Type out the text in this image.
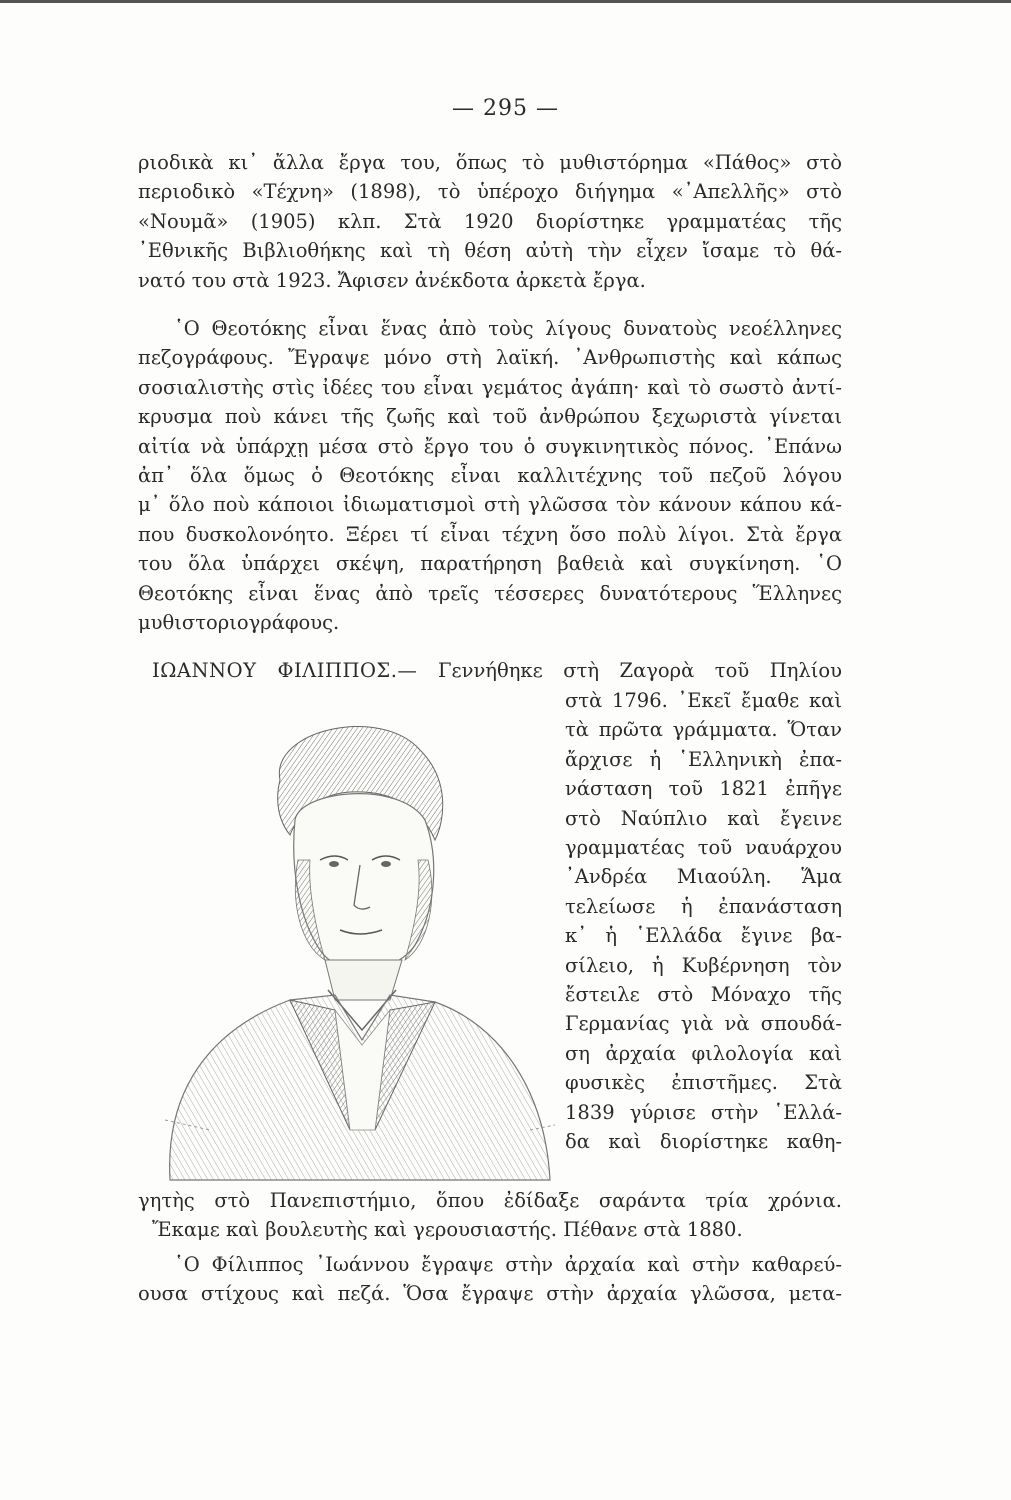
— 295 —
ριοδικὰ κι᾿ ἄλλα ἔργα του, ὅπως τὸ μυθιστόρημα «Πάθος» στὸ
περιοδικὸ «Τέχνη» (1898), τὸ ὑπέροχο διήγημα «᾿Απελλῆς» στὸ
«Νουμᾶ» (1905) κλπ. Στὰ 1920 διορίστηκε γραμματέας τῆς
᾿Εθνικῆς Βιβλιοθήκης καὶ τὴ θέση αὐτὴ τὴν εἶχεν ἴσαμε τὸ θά-
νατό του στὰ 1923. Ἄφισεν ἀνέκδοτα ἀρκετὰ ἔργα.
῾Ο Θεοτόκης εἶναι ἕνας ἀπὸ τοὺς λίγους δυνατοὺς νεοέλληνες
πεζογράφους. Ἔγραψε μόνο στὴ λαϊκή. ᾿Ανθρωπιστὴς καὶ κάπως
σοσιαλιστὴς στὶς ἰδέες του εἶναι γεμάτος ἀγάπη· καὶ τὸ σωστὸ ἀντί-
κρυσμα ποὺ κάνει τῆς ζωῆς καὶ τοῦ ἀνθρώπου ξεχωριστὰ γίνεται
αἰτία νὰ ὑπάρχῃ μέσα στὸ ἔργο του ὁ συγκινητικὸς πόνος. ᾿Επάνω
ἀπ᾿ ὅλα ὅμως ὁ Θεοτόκης εἶναι καλλιτέχνης τοῦ πεζοῦ λόγου
μ᾿ ὅλο ποὺ κάποιοι ἰδιωματισμοὶ στὴ γλῶσσα τὸν κάνουν κάπου κά-
που δυσκολονόητο. Ξέρει τί εἶναι τέχνη ὅσο πολὺ λίγοι. Στὰ ἔργα
του ὅλα ὑπάρχει σκέψη, παρατήρηση βαθειὰ καὶ συγκίνηση. ῾Ο
Θεοτόκης εἶναι ἕνας ἀπὸ τρεῖς τέσσερες δυνατότερους Ἕλληνες
μυθιστοριογράφους.
ΙΩΑΝΝΟΥ ΦΙΛΙΠΠΟΣ.— Γεννήθηκε στὴ Ζαγορὰ τοῦ Πηλίου
στὰ 1796. ᾿Εκεῖ ἔμαθε καὶ
τὰ πρῶτα γράμματα. Ὅταν
ἄρχισε ἡ ῾Ελληνικὴ ἐπα-
νάσταση τοῦ 1821 ἐπῆγε
στὸ Ναύπλιο καὶ ἔγεινε
γραμματέας τοῦ ναυάρχου
᾿Ανδρέα Μιαούλη. Ἅμα
τελείωσε ἡ ἐπανάσταση
κ᾿ ἡ ῾Ελλάδα ἔγινε βα-
σίλειο, ἡ Κυβέρνηση τὸν
ἔστειλε στὸ Μόναχο τῆς
Γερμανίας γιὰ νὰ σπουδά-
ση ἀρχαία φιλολογία καὶ
φυσικὲς ἐπιστῆμες. Στὰ
1839 γύρισε στὴν ῾Ελλά-
δα καὶ διορίστηκε καθη-
γητὴς στὸ Πανεπιστήμιο, ὅπου ἐδίδαξε σαράντα τρία χρόνια.
Ἔκαμε καὶ βουλευτὴς καὶ γερουσιαστής. Πέθανε στὰ 1880.
῾Ο Φίλιππος ᾿Ιωάννου ἔγραψε στὴν ἀρχαία καὶ στὴν καθαρεύ-
ουσα στίχους καὶ πεζά. Ὅσα ἔγραψε στὴν ἀρχαία γλῶσσα, μετα-
